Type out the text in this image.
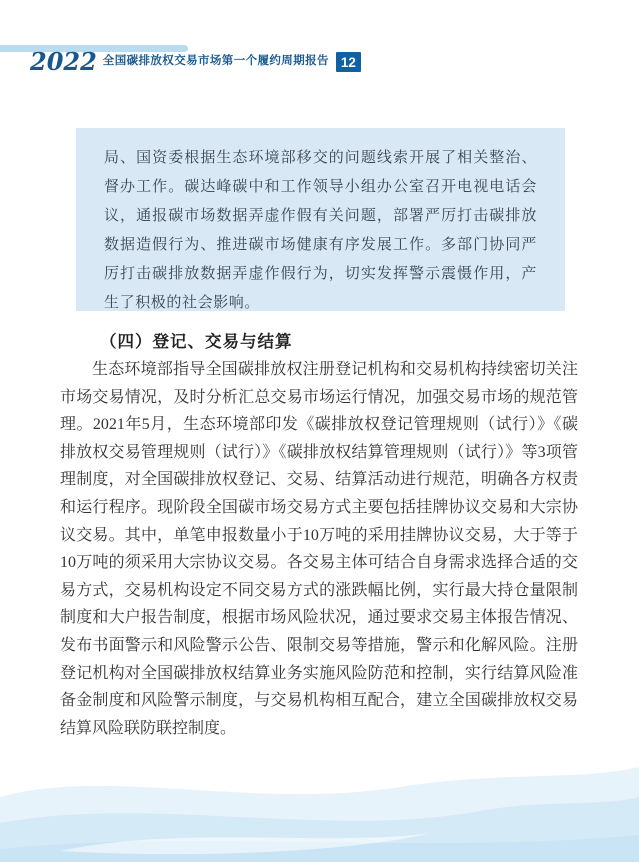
2022 全国碳排放权交易市场第一个履约周期报告 12

局、国资委根据生态环境部移交的问题线索开展了相关整治、督办工作。碳达峰碳中和工作领导小组办公室召开电视电话会议，通报碳市场数据弄虚作假有关问题，部署严厉打击碳排放数据造假行为、推进碳市场健康有序发展工作。多部门协同严厉打击碳排放数据弄虚作假行为，切实发挥警示震慑作用，产生了积极的社会影响。

（四）登记、交易与结算

生态环境部指导全国碳排放权注册登记机构和交易机构持续密切关注市场交易情况，及时分析汇总交易市场运行情况，加强交易市场的规范管理。2021年5月，生态环境部印发《碳排放权登记管理规则（试行）》《碳排放权交易管理规则（试行）》《碳排放权结算管理规则（试行）》等3项管理制度，对全国碳排放权登记、交易、结算活动进行规范，明确各方权责和运行程序。现阶段全国碳市场交易方式主要包括挂牌协议交易和大宗协议交易。其中，单笔申报数量小于10万吨的采用挂牌协议交易，大于等于10万吨的须采用大宗协议交易。各交易主体可结合自身需求选择合适的交易方式，交易机构设定不同交易方式的涨跌幅比例，实行最大持仓量限制制度和大户报告制度，根据市场风险状况，通过要求交易主体报告情况、发布书面警示和风险警示公告、限制交易等措施，警示和化解风险。注册登记机构对全国碳排放权结算业务实施风险防范和控制，实行结算风险准备金制度和风险警示制度，与交易机构相互配合，建立全国碳排放权交易结算风险联防联控制度。
